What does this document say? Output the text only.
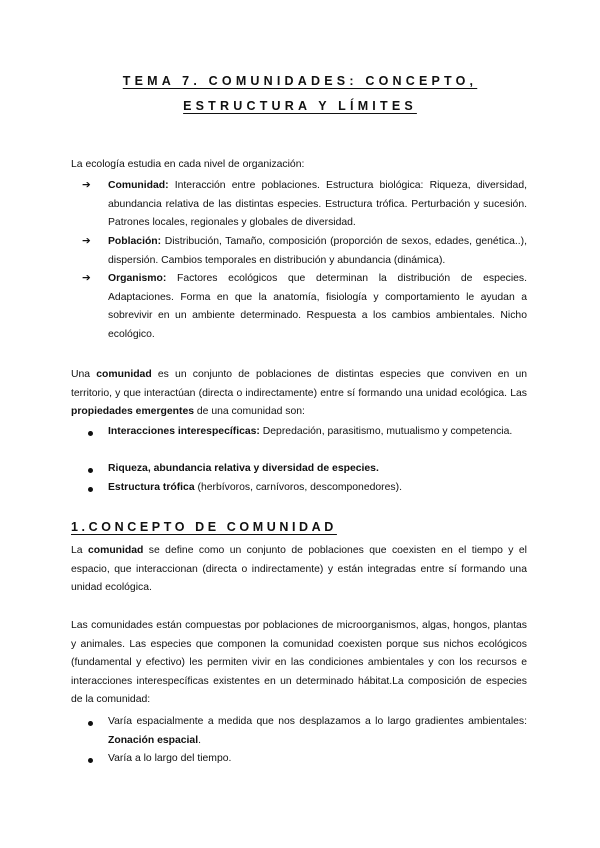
TEMA 7. COMUNIDADES: CONCEPTO,
ESTRUCTURA Y LÍMITES
La ecología estudia en cada nivel de organización:
➔ Comunidad: Interacción entre poblaciones. Estructura biológica: Riqueza, diversidad, abundancia relativa de las distintas especies. Estructura trófica. Perturbación y sucesión. Patrones locales, regionales y globales de diversidad.
➔ Población: Distribución, Tamaño, composición (proporción de sexos, edades, genética..), dispersión. Cambios temporales en distribución y abundancia (dinámica).
➔ Organismo: Factores ecológicos que determinan la distribución de especies. Adaptaciones. Forma en que la anatomía, fisiología y comportamiento le ayudan a sobrevivir en un ambiente determinado. Respuesta a los cambios ambientales. Nicho ecológico.
Una comunidad es un conjunto de poblaciones de distintas especies que conviven en un territorio, y que interactúan (directa o indirectamente) entre sí formando una unidad ecológica. Las propiedades emergentes de una comunidad son:
Interacciones interespecíficas: Depredación, parasitismo, mutualismo y competencia.
Riqueza, abundancia relativa y diversidad de especies.
Estructura trófica (herbívoros, carnívoros, descomponedores).
1.CONCEPTO DE COMUNIDAD
La comunidad se define como un conjunto de poblaciones que coexisten en el tiempo y el espacio, que interaccionan (directa o indirectamente) y están integradas entre sí formando una unidad ecológica.
Las comunidades están compuestas por poblaciones de microorganismos, algas, hongos, plantas y animales. Las especies que componen la comunidad coexisten porque sus nichos ecológicos (fundamental y efectivo) les permiten vivir en las condiciones ambientales y con los recursos e interacciones interespecíficas existentes en un determinado hábitat.La composición de especies de la comunidad:
Varía espacialmente a medida que nos desplazamos a lo largo gradientes ambientales: Zonación espacial.
Varía a lo largo del tiempo.
